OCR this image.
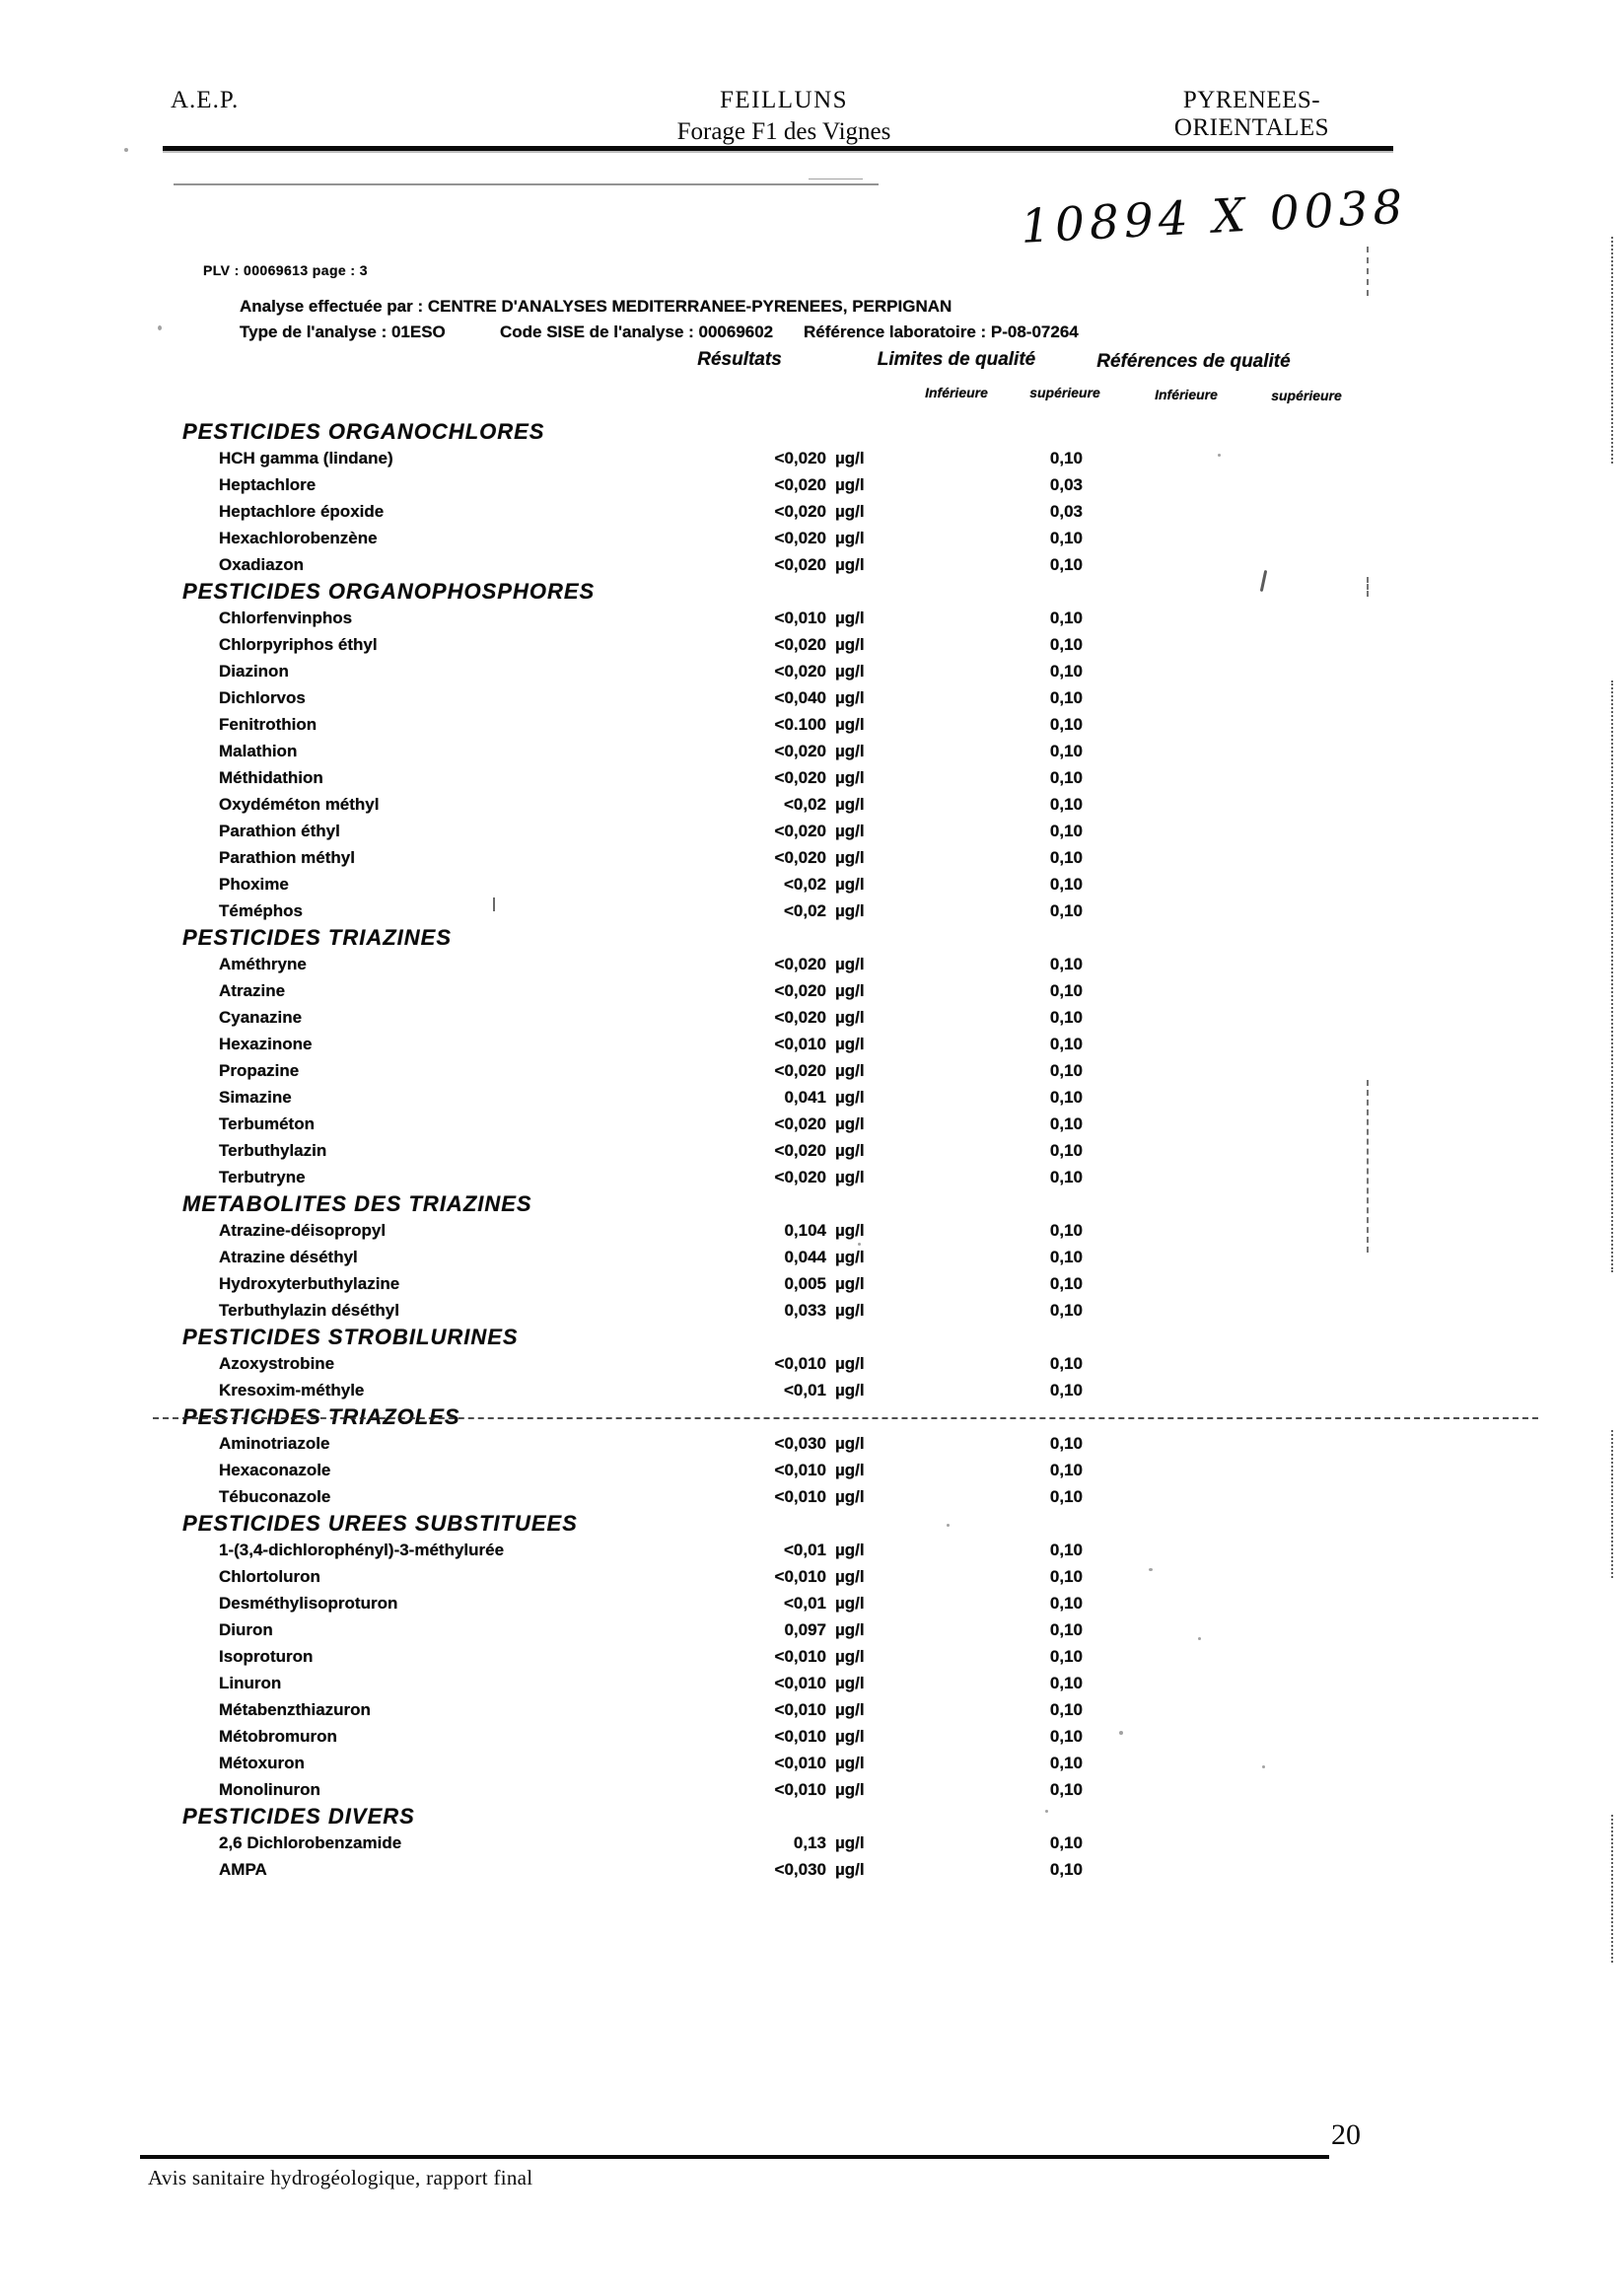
A.E.P.	FEILLUNS	PYRENEES-ORIENTALES
Forage F1 des Vignes
10894 X 0038
PLV : 00069613 page : 3
Analyse effectuée par : CENTRE D'ANALYSES MEDITERRANEE-PYRENEES, PERPIGNAN
Type de l'analyse : 01ESO	Code SISE de l'analyse : 00069602 Référence laboratoire : P-08-07264
Résultats	Limites de qualité	Références de qualité
Inférieure	supérieure	Inférieure	supérieure
PESTICIDES ORGANOCHLORES
HCH gamma (lindane)	<0,020 µg/l	0,10
Heptachlore	<0,020 µg/l	0,03
Heptachlore époxide	<0,020 µg/l	0,03
Hexachlorobenzène	<0,020 µg/l	0,10
Oxadiazon	<0,020 µg/l	0,10
PESTICIDES ORGANOPHOSPHORES
Chlorfenvinphos	<0,010 µg/l	0,10
Chlorpyriphos éthyl	<0,020 µg/l	0,10
Diazinon	<0,020 µg/l	0,10
Dichlorvos	<0,040 µg/l	0,10
Fenitrothion	<0.100 µg/l	0,10
Malathion	<0,020 µg/l	0,10
Méthidathion	<0,020 µg/l	0,10
Oxydéméton méthyl	<0,02 µg/l	0,10
Parathion éthyl	<0,020 µg/l	0,10
Parathion méthyl	<0,020 µg/l	0,10
Phoxime	<0,02 µg/l	0,10
Téméphos	<0,02 µg/l	0,10
PESTICIDES TRIAZINES
Améthryne	<0,020 µg/l	0,10
Atrazine	<0,020 µg/l	0,10
Cyanazine	<0,020 µg/l	0,10
Hexazinone	<0,010 µg/l	0,10
Propazine	<0,020 µg/l	0,10
Simazine	0,041 µg/l	0,10
Terbuméton	<0,020 µg/l	0,10
Terbuthylazin	<0,020 µg/l	0,10
Terbutryne	<0,020 µg/l	0,10
METABOLITES DES TRIAZINES
Atrazine-déisopropyl	0,104 µg/l	0,10
Atrazine déséthyl	0,044 µg/l	0,10
Hydroxyterbuthylazine	0,005 µg/l	0,10
Terbuthylazin déséthyl	0,033 µg/l	0,10
PESTICIDES STROBILURINES
Azoxystrobine	<0,010 µg/l	0,10
Kresoxim-méthyle	<0,01 µg/l	0,10
PESTICIDES TRIAZOLES
Aminotriazole	<0,030 µg/l	0,10
Hexaconazole	<0,010 µg/l	0,10
Tébuconazole	<0,010 µg/l	0,10
PESTICIDES UREES SUBSTITUEES
1-(3,4-dichlorophényl)-3-méthylurée	<0,01 µg/l	0,10
Chlortoluron	<0,010 µg/l	0,10
Desméthylisoproturon	<0,01 µg/l	0,10
Diuron	0,097 µg/l	0,10
Isoproturon	<0,010 µg/l	0,10
Linuron	<0,010 µg/l	0,10
Métabenzthiazuron	<0,010 µg/l	0,10
Métobromuron	<0,010 µg/l	0,10
Métoxuron	<0,010 µg/l	0,10
Monolinuron	<0,010 µg/l	0,10
PESTICIDES DIVERS
2,6 Dichlorobenzamide	0,13 µg/l	0,10
AMPA	<0,030 µg/l	0,10
20
Avis sanitaire hydrogéologique, rapport final
